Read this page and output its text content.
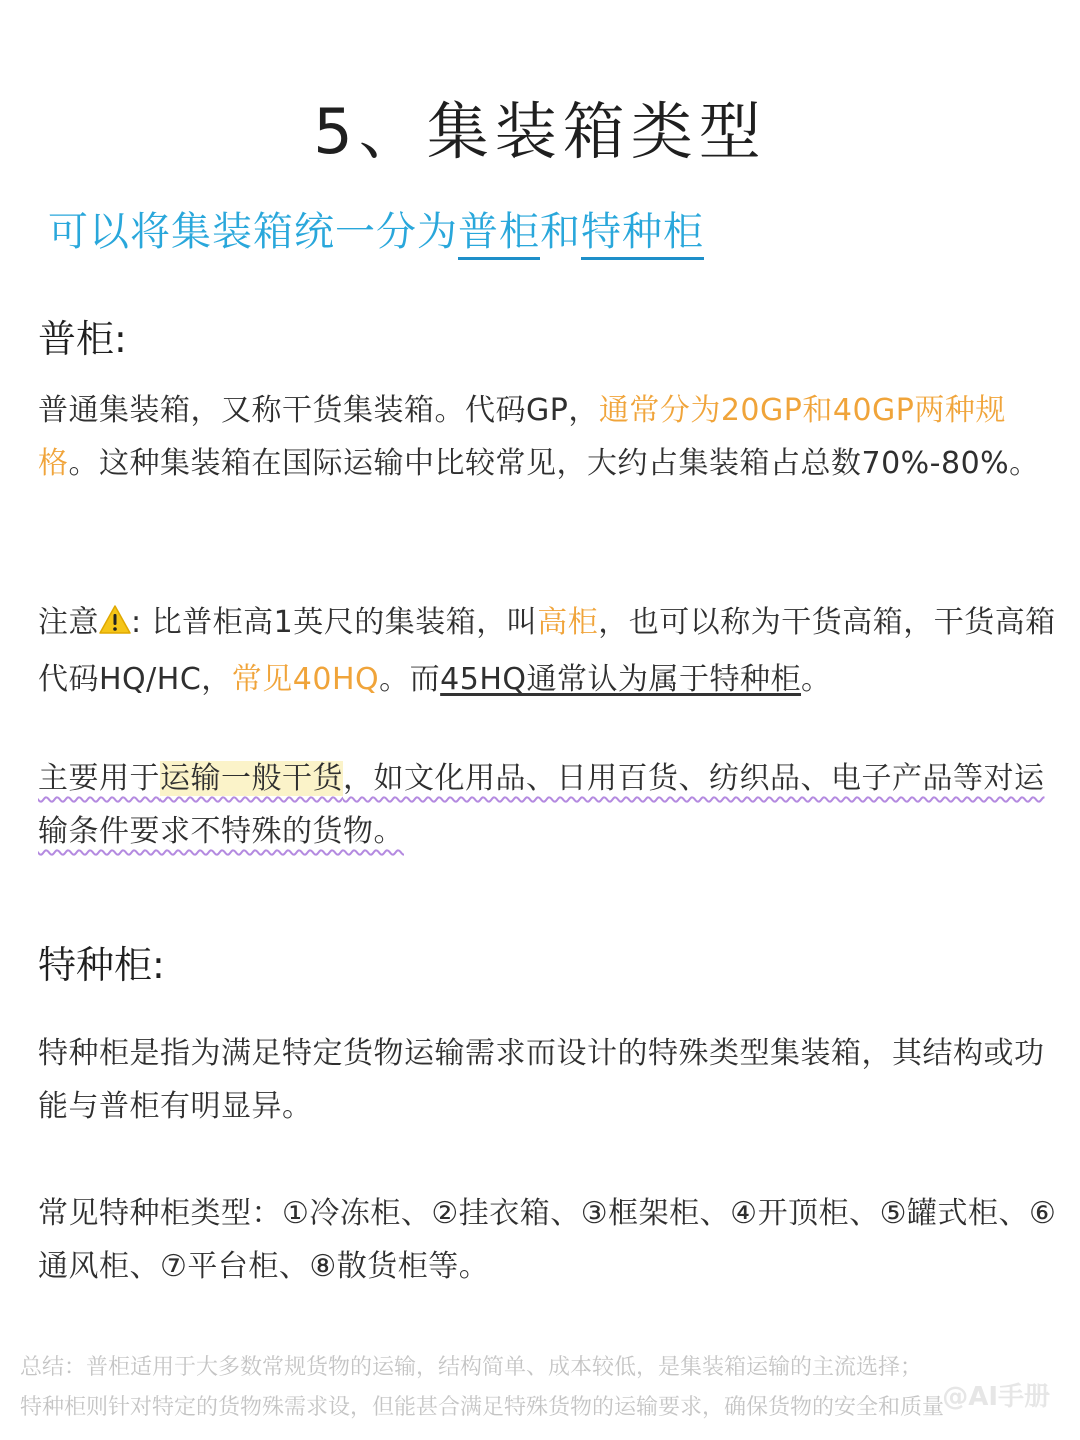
5、集装箱类型
可以将集装箱统一分为普柜和特种柜
普柜:
普通集装箱，又称干货集装箱。代码GP，通常分为20GP和40GP两种规格。这种集装箱在国际运输中比较常见，大约占集装箱占总数70%-80%。
注意 : 比普柜高1英尺的集装箱，叫高柜，也可以称为干货高箱，干货高箱代码HQ/HC，常见40HQ。而45HQ通常认为属于特种柜。
主要用于运输一般干货，如文化用品、日用百货、纺织品、电子产品等对运输条件要求不特殊的货物。
特种柜:
特种柜是指为满足特定货物运输需求而设计的特殊类型集装箱，其结构或功能与普柜有明显异。
常见特种柜类型：①冷冻柜、②挂衣箱、③框架柜、④开顶柜、⑤罐式柜、⑥通风柜、⑦平台柜、⑧散货柜等。
总结：普柜适用于大多数常规货物的运输，结构简单、成本较低，是集装箱运输的主流选择；
特种柜则针对特定的货物殊需求设，但能甚合满足特殊货物的运输要求，确保货物的安全和质量
@AI手册
